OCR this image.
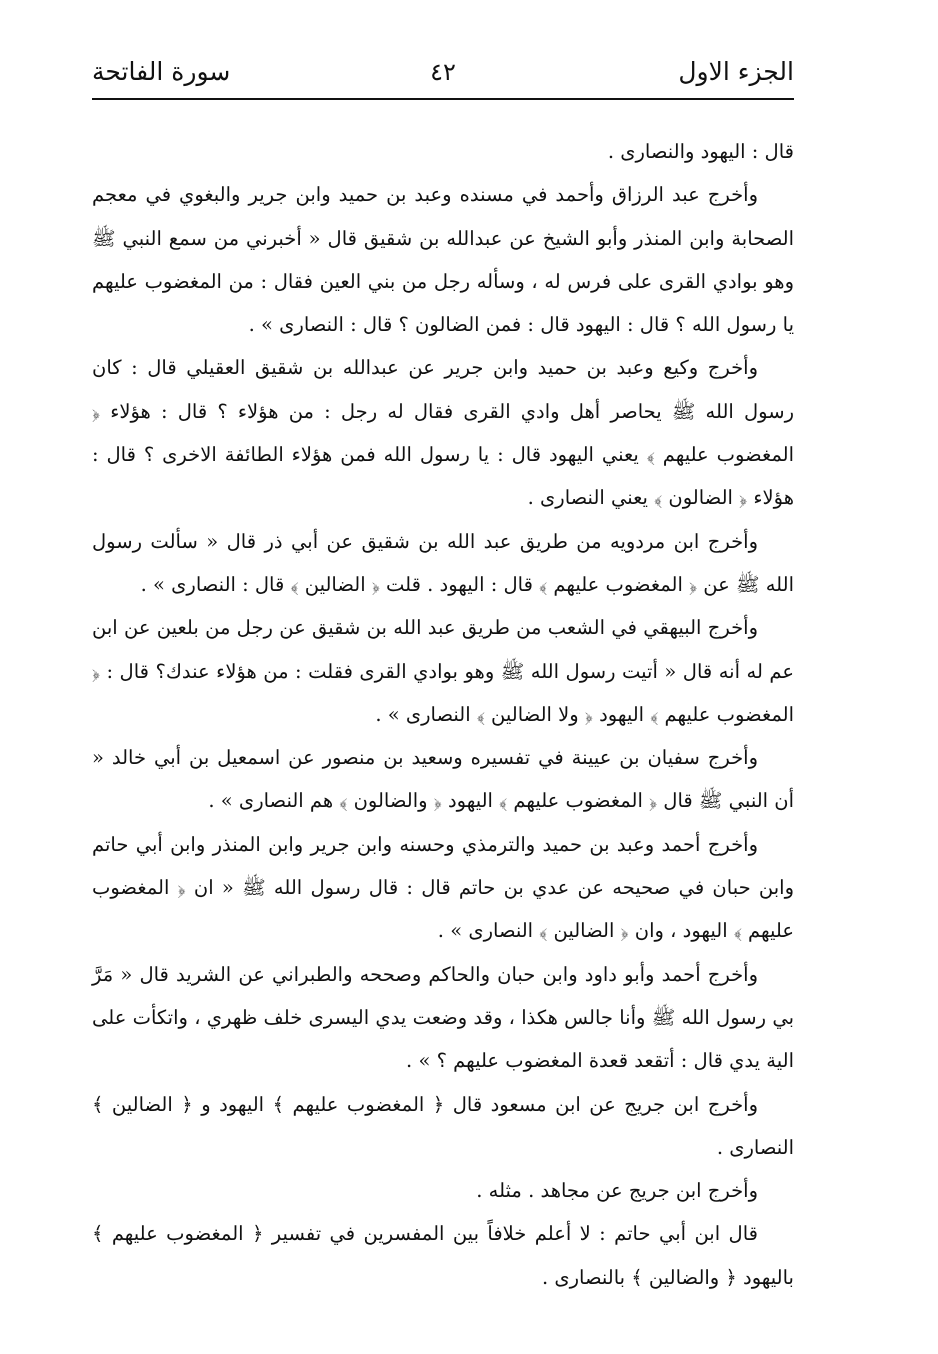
الجزء الاول
٤٢
سورة الفاتحة

قال : اليهود والنصارى .

وأخرج عبد الرزاق وأحمد في مسنده وعبد بن حميد وابن جرير والبغوي في معجم الصحابة وابن المنذر وأبو الشيخ عن عبدالله بن شقيق قال « أخبرني من سمع النبي ﷺ وهو بوادي القرى على فرس له ، وسأله رجل من بني العين فقال : من المغضوب عليهم يا رسول الله ؟ قال : اليهود قال : فمن الضالون ؟ قال : النصارى » .

وأخرج وكيع وعبد بن حميد وابن جرير عن عبدالله بن شقيق العقيلي قال : كان رسول الله ﷺ يحاصر أهل وادي القرى فقال له رجل : من هؤلاء ؟ قال : هؤلاء ﴿ المغضوب عليهم ﴾ يعني اليهود قال : يا رسول الله فمن هؤلاء الطائفة الاخرى ؟ قال : هؤلاء ﴿ الضالون ﴾ يعني النصارى .

وأخرج ابن مردويه من طريق عبد الله بن شقيق عن أبي ذر قال « سألت رسول الله ﷺ عن ﴿ المغضوب عليهم ﴾ قال : اليهود . قلت ﴿ الضالين ﴾ قال : النصارى » .

وأخرج البيهقي في الشعب من طريق عبد الله بن شقيق عن رجل من بلعين عن ابن عم له أنه قال « أتيت رسول الله ﷺ وهو بوادي القرى فقلت : من هؤلاء عندك؟ قال : ﴿ المغضوب عليهم ﴾ اليهود ﴿ ولا الضالين ﴾ النصارى » .

وأخرج سفيان بن عيينة في تفسيره وسعيد بن منصور عن اسمعيل بن أبي خالد « أن النبي ﷺ قال ﴿ المغضوب عليهم ﴾ اليهود ﴿ والضالون ﴾ هم النصارى » .

وأخرج أحمد وعبد بن حميد والترمذي وحسنه وابن جرير وابن المنذر وابن أبي حاتم وابن حبان في صحيحه عن عدي بن حاتم قال : قال رسول الله ﷺ « ان ﴿ المغضوب عليهم ﴾ اليهود ، وان ﴿ الضالين ﴾ النصارى » .

وأخرج أحمد وأبو داود وابن حبان والحاكم وصححه والطبراني عن الشريد قال « مَرَّ بي رسول الله ﷺ وأنا جالس هكذا ، وقد وضعت يدي اليسرى خلف ظهري ، واتكأت على الية يدي قال : أتقعد قعدة المغضوب عليهم ؟ » .

وأخرج ابن جريج عن ابن مسعود قال ﴿ المغضوب عليهم ﴾ اليهود و ﴿ الضالين ﴾ النصارى .

وأخرج ابن جريج عن مجاهد . مثله .

قال ابن أبي حاتم : لا أعلم خلافاً بين المفسرين في تفسير ﴿ المغضوب عليهم ﴾ باليهود ﴿ والضالين ﴾ بالنصارى .
